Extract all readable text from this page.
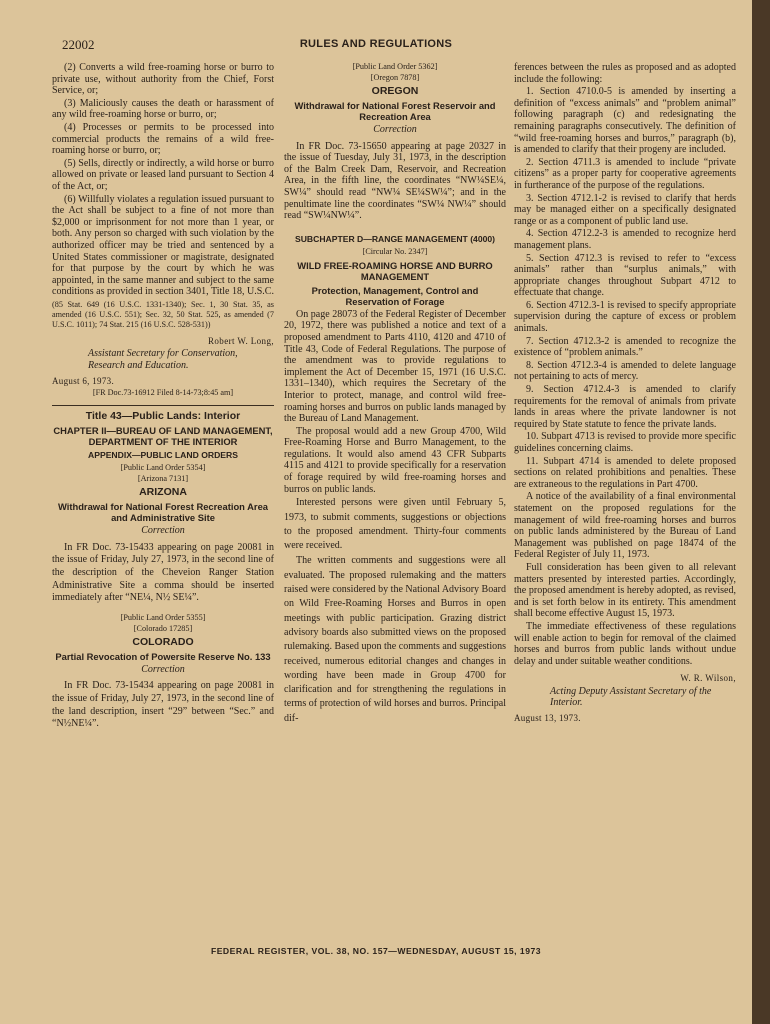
22002	RULES AND REGULATIONS

(2) Converts a wild free-roaming horse or burro to private use, without authority from the Chief, Forst Service, or;

(3) Maliciously causes the death or harassment of any wild free-roaming horse or burro, or;

(4) Processes or permits to be processed into commercial products the remains of a wild free-roaming horse or burro, or;

(5) Sells, directly or indirectly, a wild horse or burro allowed on private or leased land pursuant to Section 4 of the Act, or;

(6) Willfully violates a regulation issued pursuant to the Act shall be subject to a fine of not more than $2,000 or imprisonment for not more than 1 year, or both. Any person so charged with such violation by the authorized officer may be tried and sentenced by a United States commissioner or magistrate, designated for that purpose by the court by which he was appointed, in the same manner and subject to the same conditions as provided in section 3401, Title 18, U.S.C.

(85 Stat. 649 (16 U.S.C. 1331-1340); Sec. 1, 30 Stat. 35, as amended (16 U.S.C. 551); Sec. 32, 50 Stat. 525, as amended (7 U.S.C. 1011); 74 Stat. 215 (16 U.S.C. 528-531))

Robert W. Long,

Assistant Secretary for Conservation, Research and Education.

August 6, 1973.

[FR Doc.73-16912 Filed 8-14-73;8:45 am]

Title 43—Public Lands: Interior
CHAPTER II—BUREAU OF LAND MANAGEMENT, DEPARTMENT OF THE INTERIOR
APPENDIX—PUBLIC LAND ORDERS

[Public Land Order 5354]

[Arizona 7131]

ARIZONA
Withdrawal for National Forest Recreation Area and Administrative Site

Correction

In FR Doc. 73-15433 appearing on page 20081 in the issue of Friday, July 27, 1973, in the second line of the description of the Cheveion Ranger Station Administrative Site a comma should be inserted immediately after “NE¼, N½ SE¼”.

[Public Land Order 5355]

[Colorado 17285]

COLORADO
Partial Revocation of Powersite Reserve No. 133

Correction

In FR Doc. 73-15434 appearing on page 20081 in the issue of Friday, July 27, 1973, in the second line of the land description, insert “29” between “Sec.” and “N½NE¼”.

[Public Land Order 5362]

[Oregon 7878]

OREGON
Withdrawal for National Forest Reservoir and Recreation Area

Correction

In FR Doc. 73-15650 appearing at page 20327 in the issue of Tuesday, July 31, 1973, in the description of the Balm Creek Dam, Reservoir, and Recreation Area, in the fifth line, the coordinates “NW¼SE¼, SW¼” should read “NW¼ SE¼SW¼”; and in the penultimate line the coordinates “SW¼ NW¼” should read “SW¼NW¼”.

SUBCHAPTER D—RANGE MANAGEMENT (4000)

[Circular No. 2347]

WILD FREE-ROAMING HORSE AND BURRO MANAGEMENT
Protection, Management, Control and Reservation of Forage

On page 28073 of the Federal Register of December 20, 1972, there was published a notice and text of a proposed amendment to Parts 4110, 4120 and 4710 of Title 43, Code of Federal Regulations. The purpose of the amendment was to provide regulations to implement the Act of December 15, 1971 (16 U.S.C. 1331–1340), which requires the Secretary of the Interior to protect, manage, and control wild free-roaming horses and burros on public lands managed by the Bureau of Land Management.

The proposal would add a new Group 4700, Wild Free-Roaming Horse and Burro Management, to the regulations. It would also amend 43 CFR Subparts 4115 and 4121 to provide specifically for a reservation of forage required by wild free-roaming horses and burros on public lands.

Interested persons were given until February 5, 1973, to submit comments, suggestions or objections to the proposed amendment. Thirty-four comments were received.

The written comments and suggestions were all evaluated. The proposed rulemaking and the matters raised were considered by the National Advisory Board on Wild Free-Roaming Horses and Burros in open meetings with public participation. Grazing district advisory boards also submitted views on the proposed rulemaking. Based upon the comments and suggestions received, numerous editorial changes and changes in wording have been made in Group 4700 for clarification and for strengthening the regulations in terms of protection of wild horses and burros. Principal dif-

ferences between the rules as proposed and as adopted include the following:

1. Section 4710.0-5 is amended by inserting a definition of “excess animals” and “problem animal” following paragraph (c) and redesignating the remaining paragraphs consecutively. The definition of “wild free-roaming horses and burros,” paragraph (b), is amended to clarify that their progeny are included.

2. Section 4711.3 is amended to include “private citizens” as a proper party for cooperative agreements in furtherance of the purpose of the regulations.

3. Section 4712.1-2 is revised to clarify that herds may be managed either on a specifically designated range or as a component of public land use.

4. Section 4712.2-3 is amended to recognize herd management plans.

5. Section 4712.3 is revised to refer to “excess animals” rather than “surplus animals,” with appropriate changes throughout Subpart 4712 to effectuate that change.

6. Section 4712.3-1 is revised to specify appropriate supervision during the capture of excess or problem animals.

7. Section 4712.3-2 is amended to recognize the existence of “problem animals.”

8. Section 4712.3-4 is amended to delete language not pertaining to acts of mercy.

9. Section 4712.4-3 is amended to clarify requirements for the removal of animals from private lands in areas where the private landowner is not required by State statute to fence the private lands.

10. Subpart 4713 is revised to provide more specific guidelines concerning claims.

11. Subpart 4714 is amended to delete proposed sections on related prohibitions and penalties. These are extraneous to the regulations in Part 4700.

A notice of the availability of a final environmental statement on the proposed regulations for the management of wild free-roaming horses and burros on public lands administered by the Bureau of Land Management was published on page 18474 of the Federal Register of July 11, 1973.

Full consideration has been given to all relevant matters presented by interested parties. Accordingly, the proposed amendment is hereby adopted, as revised, and is set forth below in its entirety. This amendment shall become effective August 15, 1973.

The immediate effectiveness of these regulations will enable action to begin for removal of the claimed horses and burros from public lands without undue delay and under suitable weather conditions.

W. R. Wilson,

Acting Deputy Assistant Secretary of the Interior.

August 13, 1973.

FEDERAL REGISTER, VOL. 38, NO. 157—WEDNESDAY, AUGUST 15, 1973
